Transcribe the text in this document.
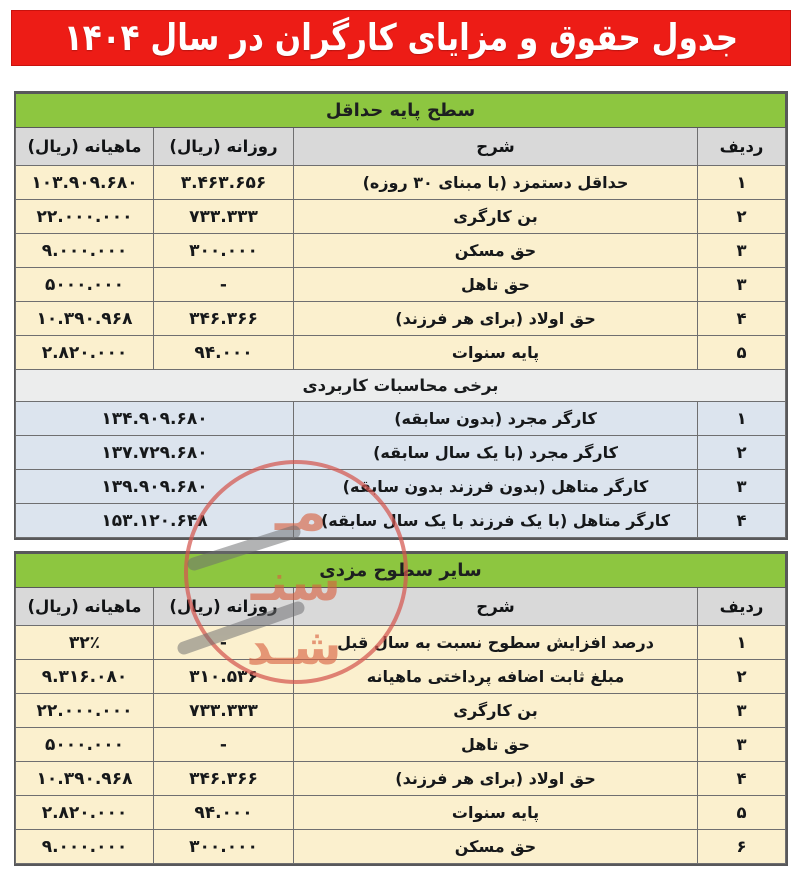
جدول حقوق و مزایای کارگران در سال ۱۴۰۴
سطح پایه حداقل			
ردیف	شرح	روزانه (ریال)	ماهیانه (ریال)
۱	حداقل دستمزد (با مبنای ۳۰ روزه)	۳.۴۶۳.۶۵۶	۱۰۳.۹۰۹.۶۸۰
۲	بن کارگری	۷۳۳.۳۳۳	۲۲.۰۰۰.۰۰۰
۳	حق مسکن	۳۰۰.۰۰۰	۹.۰۰۰.۰۰۰
۳	حق تاهل	-	۵۰۰۰.۰۰۰
۴	حق اولاد (برای هر فرزند)	۳۴۶.۳۶۶	۱۰.۳۹۰.۹۶۸
۵	پایه سنوات	۹۴.۰۰۰	۲.۸۲۰.۰۰۰
برخی محاسبات کاربردی			
۱	کارگر مجرد (بدون سابقه)	۱۳۴.۹۰۹.۶۸۰	
۲	کارگر مجرد (با یک سال سابقه)	۱۳۷.۷۲۹.۶۸۰	
۳	کارگر متاهل (بدون فرزند بدون سابقه)	۱۳۹.۹۰۹.۶۸۰	
۴	کارگر متاهل (با یک فرزند با یک سال سابقه)	۱۵۳.۱۲۰.۶۴۸	
سایر سطوح مزدی			
ردیف	شرح	روزانه (ریال)	ماهیانه (ریال)
۱	درصد افزایش سطوح نسبت به سال قبل	-	۳۲٪
۲	مبلغ ثابت اضافه پرداختی ماهیانه	۳۱۰.۵۳۶	۹.۳۱۶.۰۸۰
۳	بن کارگری	۷۳۳.۳۳۳	۲۲.۰۰۰.۰۰۰
۳	حق تاهل	-	۵۰۰۰.۰۰۰
۴	حق اولاد (برای هر فرزند)	۳۴۶.۳۶۶	۱۰.۳۹۰.۹۶۸
۵	پایه سنوات	۹۴.۰۰۰	۲.۸۲۰.۰۰۰
۶	حق مسکن	۳۰۰.۰۰۰	۹.۰۰۰.۰۰۰
مـ
سنـ
شـد
